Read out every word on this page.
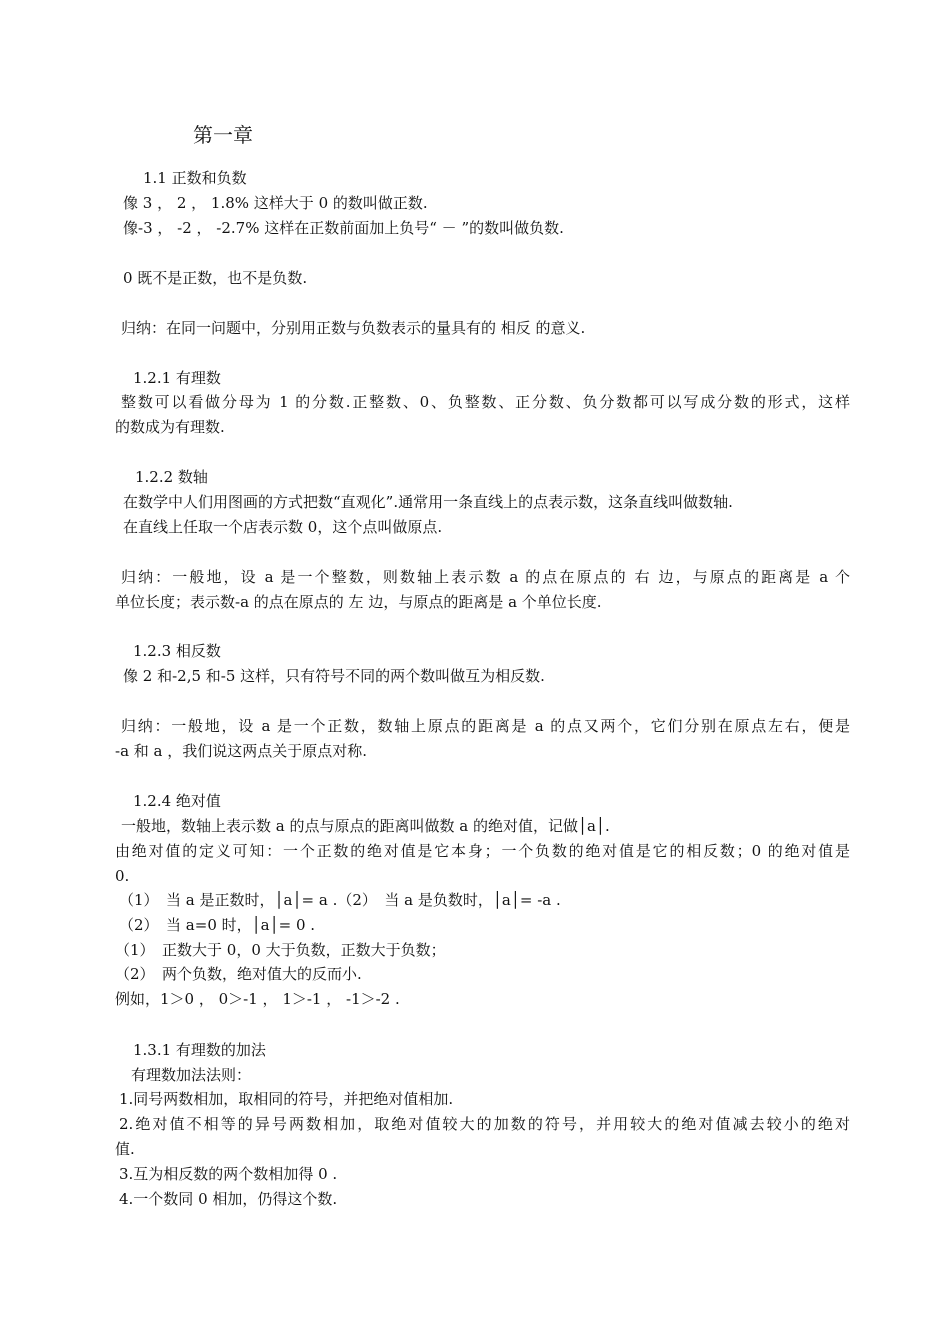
第一章
1.1 正数和负数
像 3 ， 2 ， 1.8% 这样大于 0 的数叫做正数.
像-3 ， -2 ， -2.7% 这样在正数前面加上负号“ － ”的数叫做负数.
0 既不是正数，也不是负数.
归纳：在同一问题中，分别用正数与负数表示的量具有的 相反 的意义.
1.2.1 有理数
整数可以看做分母为 1 的分数.正整数、0、负整数、正分数、负分数都可以写成分数的形式，这样
的数成为有理数.
1.2.2 数轴
在数学中人们用图画的方式把数“直观化”.通常用一条直线上的点表示数，这条直线叫做数轴.
在直线上任取一个店表示数 0，这个点叫做原点.
归纳：一般地，设 a 是一个整数，则数轴上表示数 a 的点在原点的 右 边，与原点的距离是 a 个
单位长度；表示数-a 的点在原点的 左 边，与原点的距离是 a 个单位长度.
1.2.3 相反数
像 2 和-2,5 和-5 这样，只有符号不同的两个数叫做互为相反数.
归纳：一般地，设 a 是一个正数，数轴上原点的距离是 a 的点又两个，它们分别在原点左右，便是
-a 和 a ，我们说这两点关于原点对称.
1.2.4 绝对值
一般地，数轴上表示数 a 的点与原点的距离叫做数 a 的绝对值，记做│a│.
由绝对值的定义可知：一个正数的绝对值是它本身；一个负数的绝对值是它的相反数；0 的绝对值是
0.
（1）　当 a 是正数时，│a│= a .（2）　当 a 是负数时，│a│= -a .
（2）　当 a=0 时，│a│= 0 .
（1）　正数大于 0，0 大于负数，正数大于负数；
（2）　两个负数，绝对值大的反而小.
例如，1＞0 ， 0＞-1 ， 1＞-1 ， -1＞-2 .
1.3.1 有理数的加法
有理数加法法则：
1.同号两数相加，取相同的符号，并把绝对值相加.
2.绝对值不相等的异号两数相加，取绝对值较大的加数的符号，并用较大的绝对值减去较小的绝对
值.
3.互为相反数的两个数相加得 0 .
4.一个数同 0 相加，仍得这个数.
